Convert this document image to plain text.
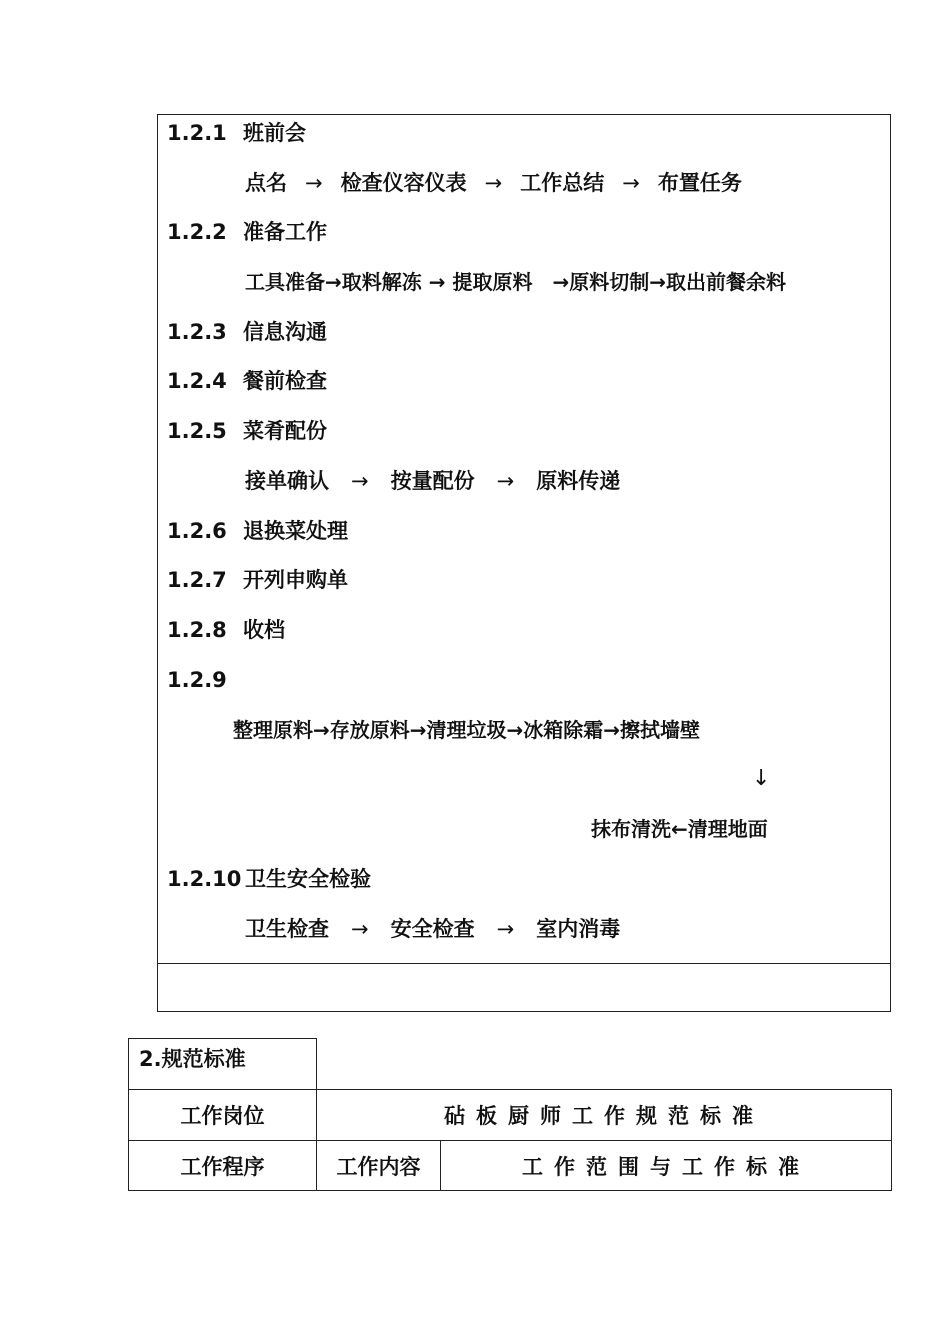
1.2.1 班前会
点名 → 检查仪容仪表 → 工作总结 → 布置任务
1.2.2 准备工作
工具准备→取料解冻 → 提取原料　→原料切制→取出前餐余料
1.2.3 信息沟通
1.2.4 餐前检查
1.2.5 菜肴配份
接单确认 → 按量配份 → 原料传递
1.2.6 退换菜处理
1.2.7 开列申购单
1.2.8 收档
1.2.9
整理原料→存放原料→清理垃圾→冰箱除霜→擦拭墙壁
↓
抹布清洗←清理地面
1.2.10 卫生安全检验
卫生检查 → 安全检查 → 室内消毒
2.规范标准
工作岗位	砧板厨师工作规范标准
工作程序	工作内容	工作范围与工作标准
